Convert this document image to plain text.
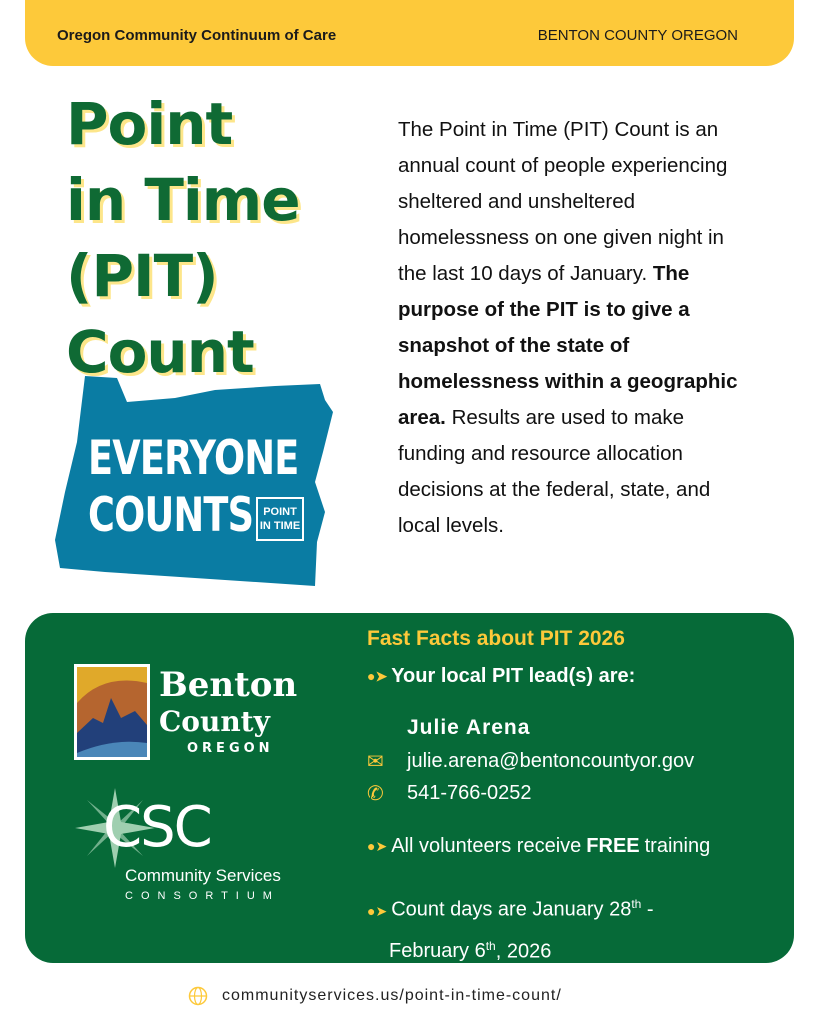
Oregon Community Continuum of Care	BENTON COUNTY OREGON
Point
in Time
(PIT)
Count
The Point in Time (PIT) Count is an annual count of people experiencing sheltered and unsheltered homelessness on one given night in the last 10 days of January. The purpose of the PIT is to give a snapshot of the state of homelessness within a geographic area. Results are used to make funding and resource allocation decisions at the federal, state, and local levels.
EVERYONE
COUNTS POINT
IN TIME
Benton
County
OREGON
CSC
Community Services
CONSORTIUM
Fast Facts about PIT 2026
●➤ Your local PIT lead(s) are:
Julie Arena
✉	julie.arena@bentoncountyor.gov
✆	541-766-0252
●➤ All volunteers receive FREE training
●➤ Count days are January 28th -
February 6th, 2026
communityservices.us/point-in-time-count/
